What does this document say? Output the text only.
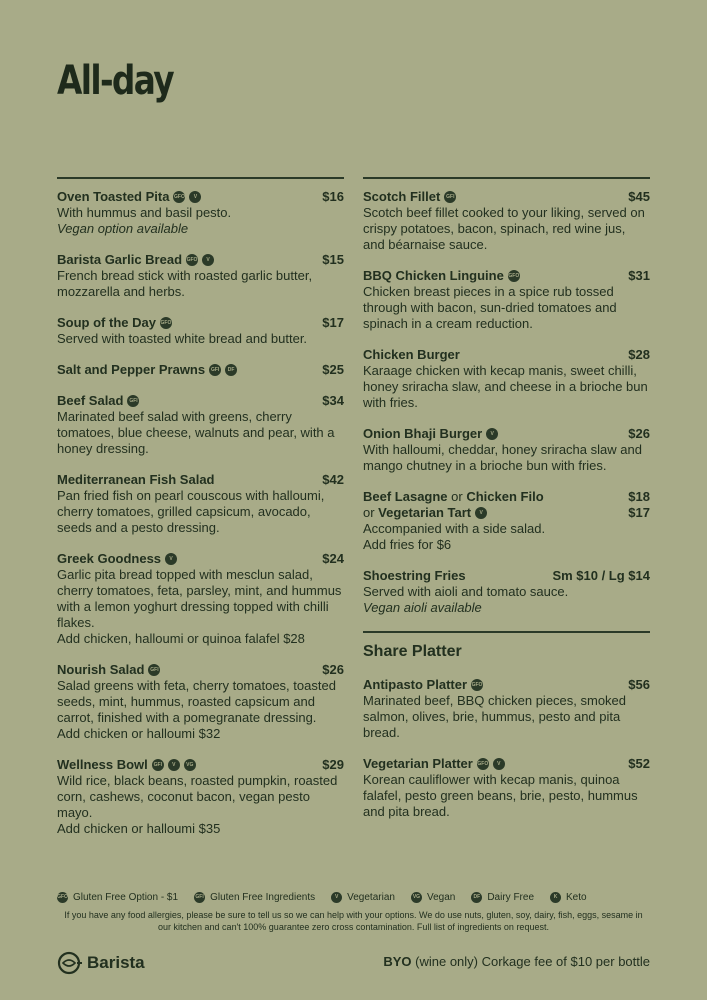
All-day
Oven Toasted Pita GFO	V	$16
With hummus and basil pesto.
Vegan option available
Barista Garlic Bread GFO	V	$15
French bread stick with roasted garlic butter, mozzarella and herbs.
Soup of the Day GFO	$17
Served with toasted white bread and butter.
Salt and Pepper Prawns	GFI	DF	$25
Beef Salad	GFI	$34
Marinated beef salad with greens, cherry tomatoes, blue cheese, walnuts and pear, with a honey dressing.
Mediterranean Fish Salad	$42
Pan fried fish on pearl couscous with halloumi, cherry tomatoes, grilled capsicum, avocado, seeds and a pesto dressing.
Greek Goodness	V	$24
Garlic pita bread topped with mesclun salad, cherry tomatoes, feta, parsley, mint, and hummus with a lemon yoghurt dressing topped with chilli flakes.
Add chicken, halloumi or quinoa falafel $28
Nourish Salad	GFI	$26
Salad greens with feta, cherry tomatoes, toasted seeds, mint, hummus, roasted capsicum and carrot, finished with a pomegranate dressing.
Add chicken or halloumi $32
Wellness Bowl	GFI	V	VG	$29
Wild rice, black beans, roasted pumpkin, roasted corn, cashews, coconut bacon, vegan pesto mayo.
Add chicken or halloumi $35
Scotch Fillet	GFI	$45
Scotch beef fillet cooked to your liking, served on crispy potatoes, bacon, spinach, red wine jus, and béarnaise sauce.
BBQ Chicken Linguine GFO	$31
Chicken breast pieces in a spice rub tossed through with bacon, sun-dried tomatoes and spinach in a cream reduction.
Chicken Burger	$28
Karaage chicken with kecap manis, sweet chilli, honey sriracha slaw, and cheese in a brioche bun with fries.
Onion Bhaji Burger	V	$26
With halloumi, cheddar, honey sriracha slaw and mango chutney in a brioche bun with fries.
Beef Lasagne or Chicken Filo	$18
or Vegetarian Tart	V	$17
Accompanied with a side salad.
Add fries for $6
Shoestring Fries	Sm $10 / Lg $14
Served with aioli and tomato sauce.
Vegan aioli available
Share Platter
Antipasto Platter GFO	$56
Marinated beef, BBQ chicken pieces, smoked salmon, olives, brie, hummus, pesto and pita bread.
Vegetarian Platter GFO	V	$52
Korean cauliflower with kecap manis, quinoa falafel, pesto green beans, brie, pesto, hummus and pita bread.
GFO Gluten Free Option - $1	GFI Gluten Free Ingredients	V Vegetarian	VG Vegan	DF Dairy Free	K Keto
If you have any food allergies, please be sure to tell us so we can help with your options. We do use nuts, gluten, soy, dairy, fish, eggs, sesame in our kitchen and can't 100% guarantee zero cross contamination. Full list of ingredients on request.
Barista	BYO (wine only) Corkage fee of $10 per bottle
